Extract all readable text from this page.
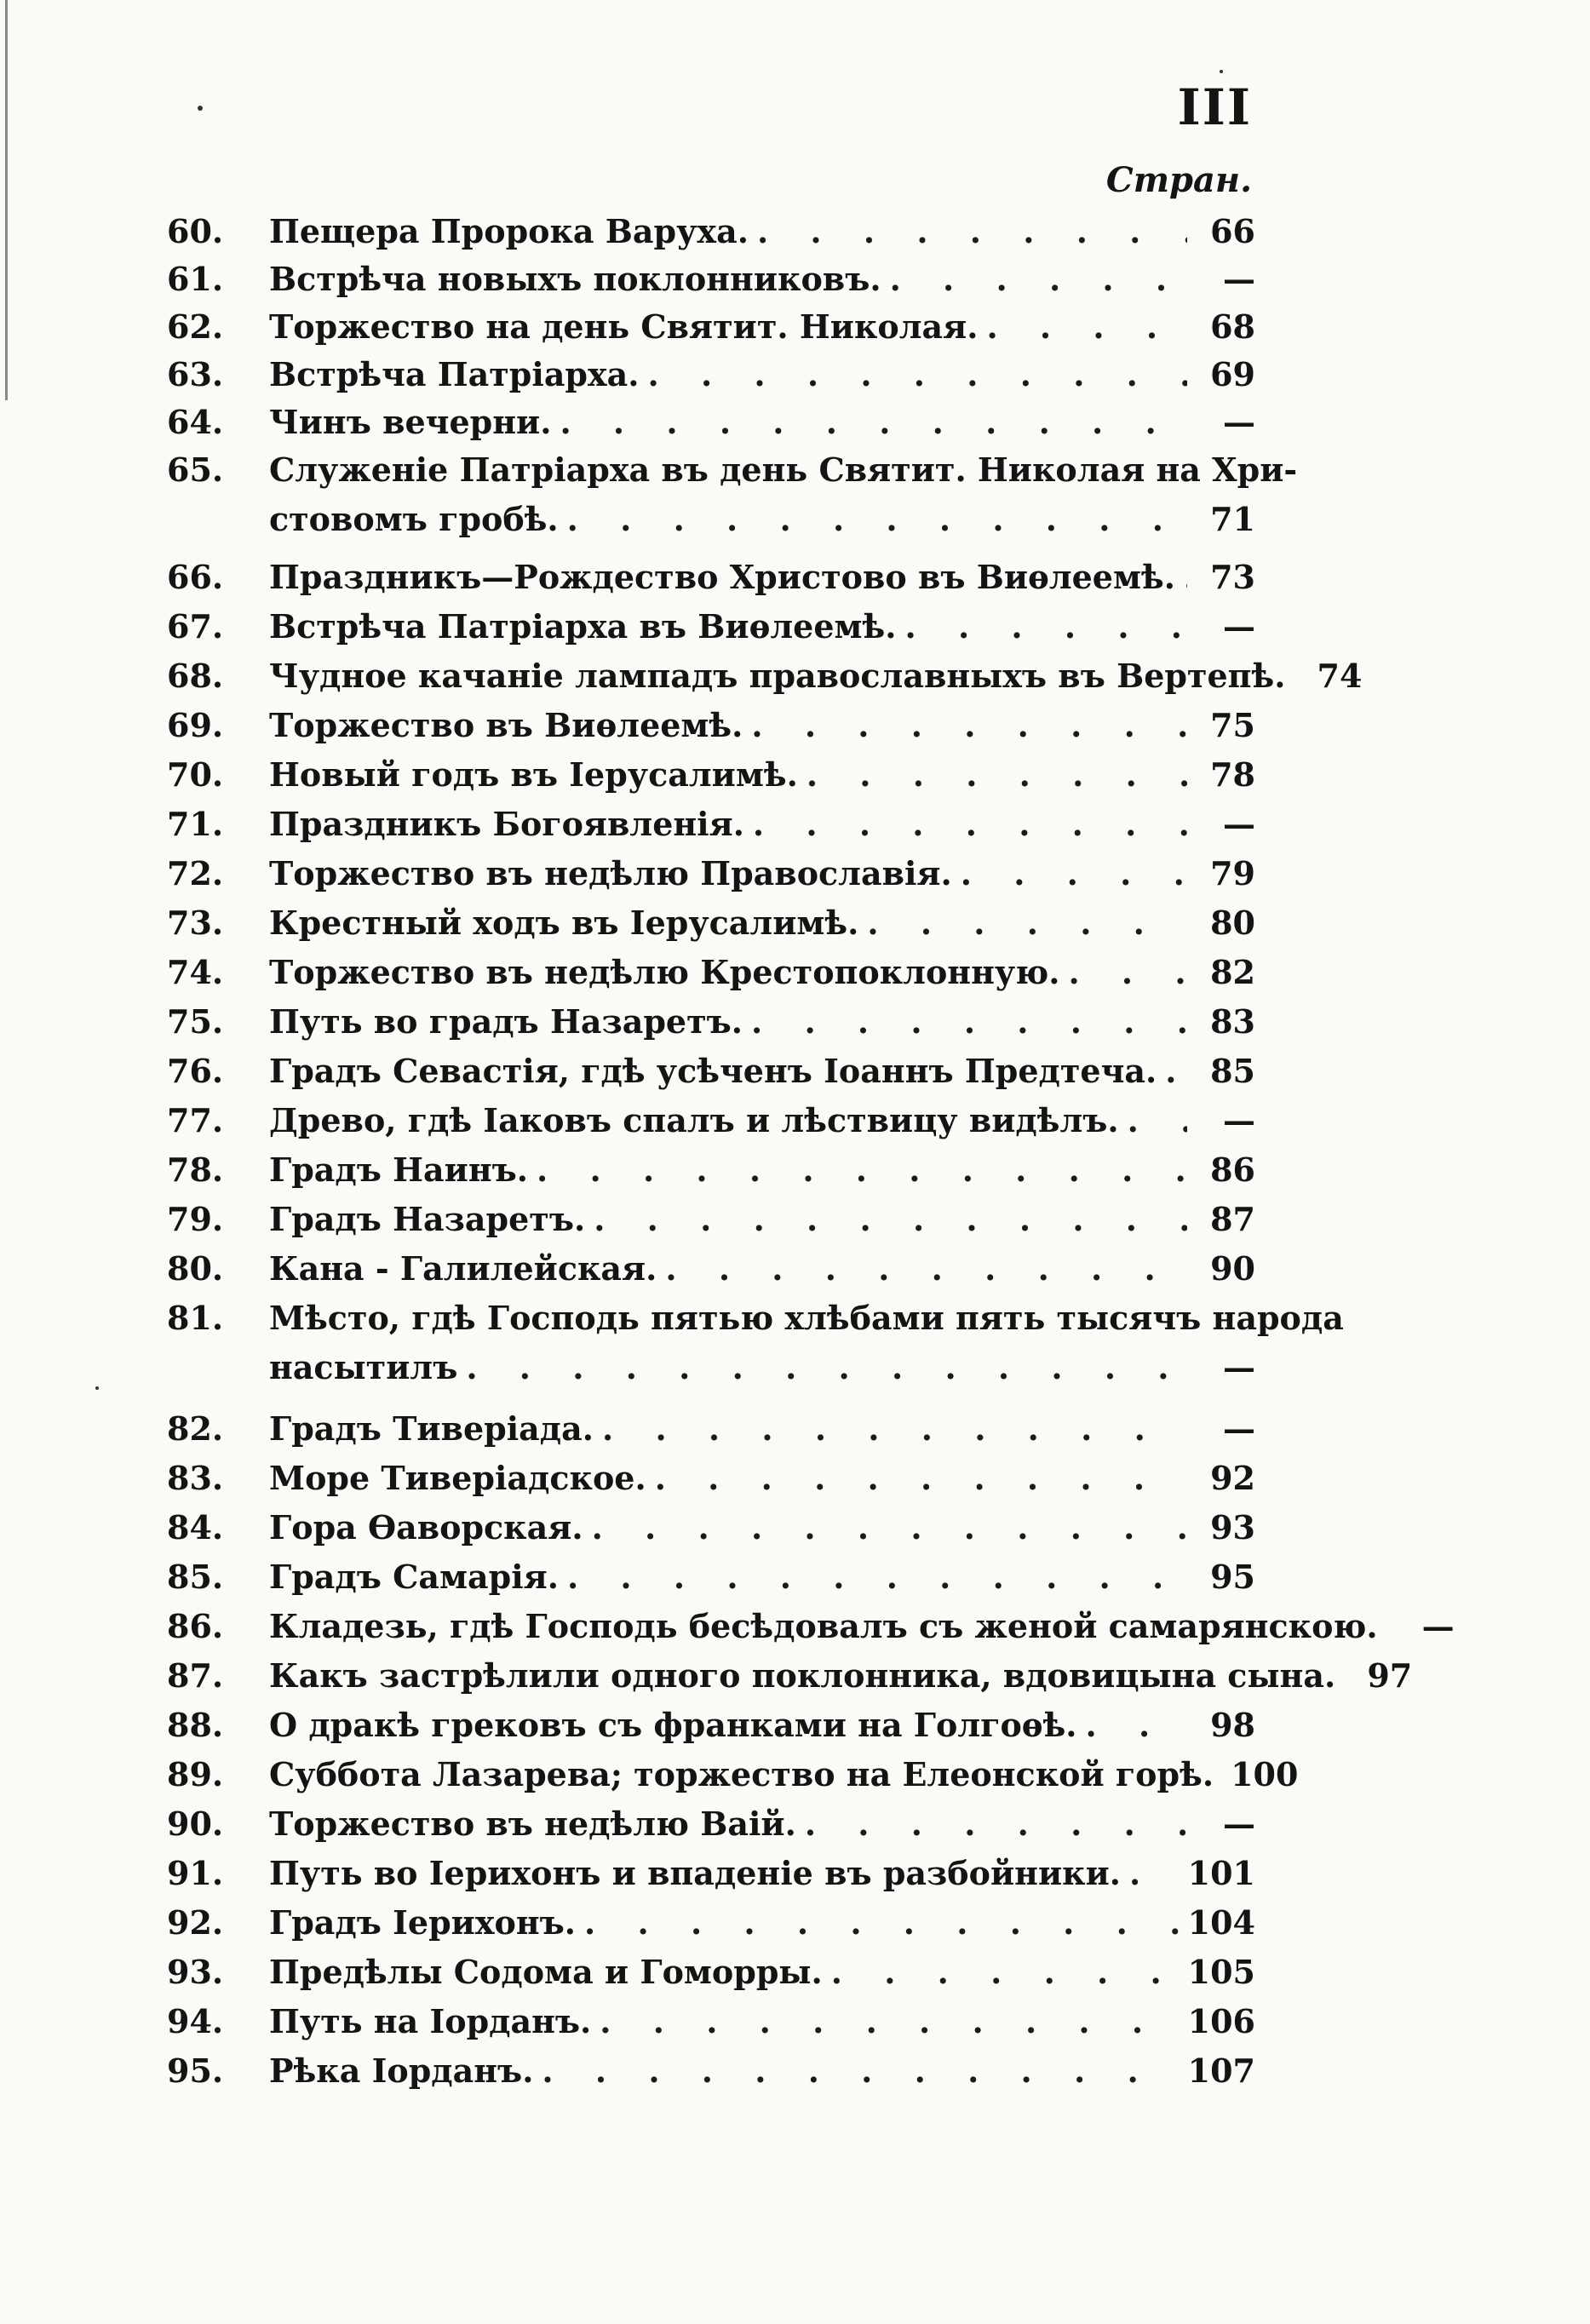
III
Стран.
60.	Пещера Пророка Варуха. . . .	66
61.	Встрѣча новыхъ поклонниковъ. . . .	—
62.	Торжество на день Святит. Николая. . . .	68
63.	Встрѣча Патріарха. . . .	69
64.	Чинъ вечерни. . . .	—
65.	Служеніе Патріарха въ день Святит. Николая на Хри-
стовомъ гробѣ. . . .	71
66.	Праздникъ—Рождество Христово въ Виѳлеемѣ. . . .	73
67.	Встрѣча Патріарха въ Виѳлеемѣ. . . .	—
68.	Чудное качаніе лампадъ православныхъ въ Вертепѣ. 74
69.	Торжество въ Виѳлеемѣ. . . .	75
70.	Новый годъ въ Іерусалимѣ. . . .	78
71.	Праздникъ Богоявленія. . . .	—
72.	Торжество въ недѣлю Православія. . . .	79
73.	Крестный ходъ въ Іерусалимѣ. . . .	80
74.	Торжество въ недѣлю Крестопоклонную. . . .	82
75.	Путь во градъ Назаретъ. . . .	83
76.	Градъ Севастія, гдѣ усѣченъ Іоаннъ Предтеча. . . .	85
77.	Древо, гдѣ Іаковъ спалъ и лѣствицу видѣлъ. . . .	—
78.	Градъ Наинъ. . . .	86
79.	Градъ Назаретъ. . . .	87
80.	Кана - Галилейская. . . .	90
81.	Мѣсто, гдѣ Господь пятью хлѣбами пять тысячъ народа
насытилъ . . .	—
82.	Градъ Тиверіада. . . .	—
83.	Море Тиверіадское. . . .	92
84.	Гора Ѳаворская. . . .	93
85.	Градъ Самарія. . . .	95
86.	Кладезь, гдѣ Господь бесѣдовалъ съ женой самарянскою.	—
87.	Какъ застрѣлили одного поклонника, вдовицына сына. 97
88.	О дракѣ грековъ съ франками на Голгоѳѣ. . . .	98
89.	Суббота Лазарева; торжество на Елеонской горѣ. 100
90.	Торжество въ недѣлю Ваій. . . .	—
91.	Путь во Іерихонъ и впаденіе въ разбойники. . . . 101
92.	Градъ Іерихонъ. . . .	104
93.	Предѣлы Содома и Гоморры. . . .	105
94.	Путь на Іорданъ. . . .	106
95.	Рѣка Іорданъ. . . .	107
